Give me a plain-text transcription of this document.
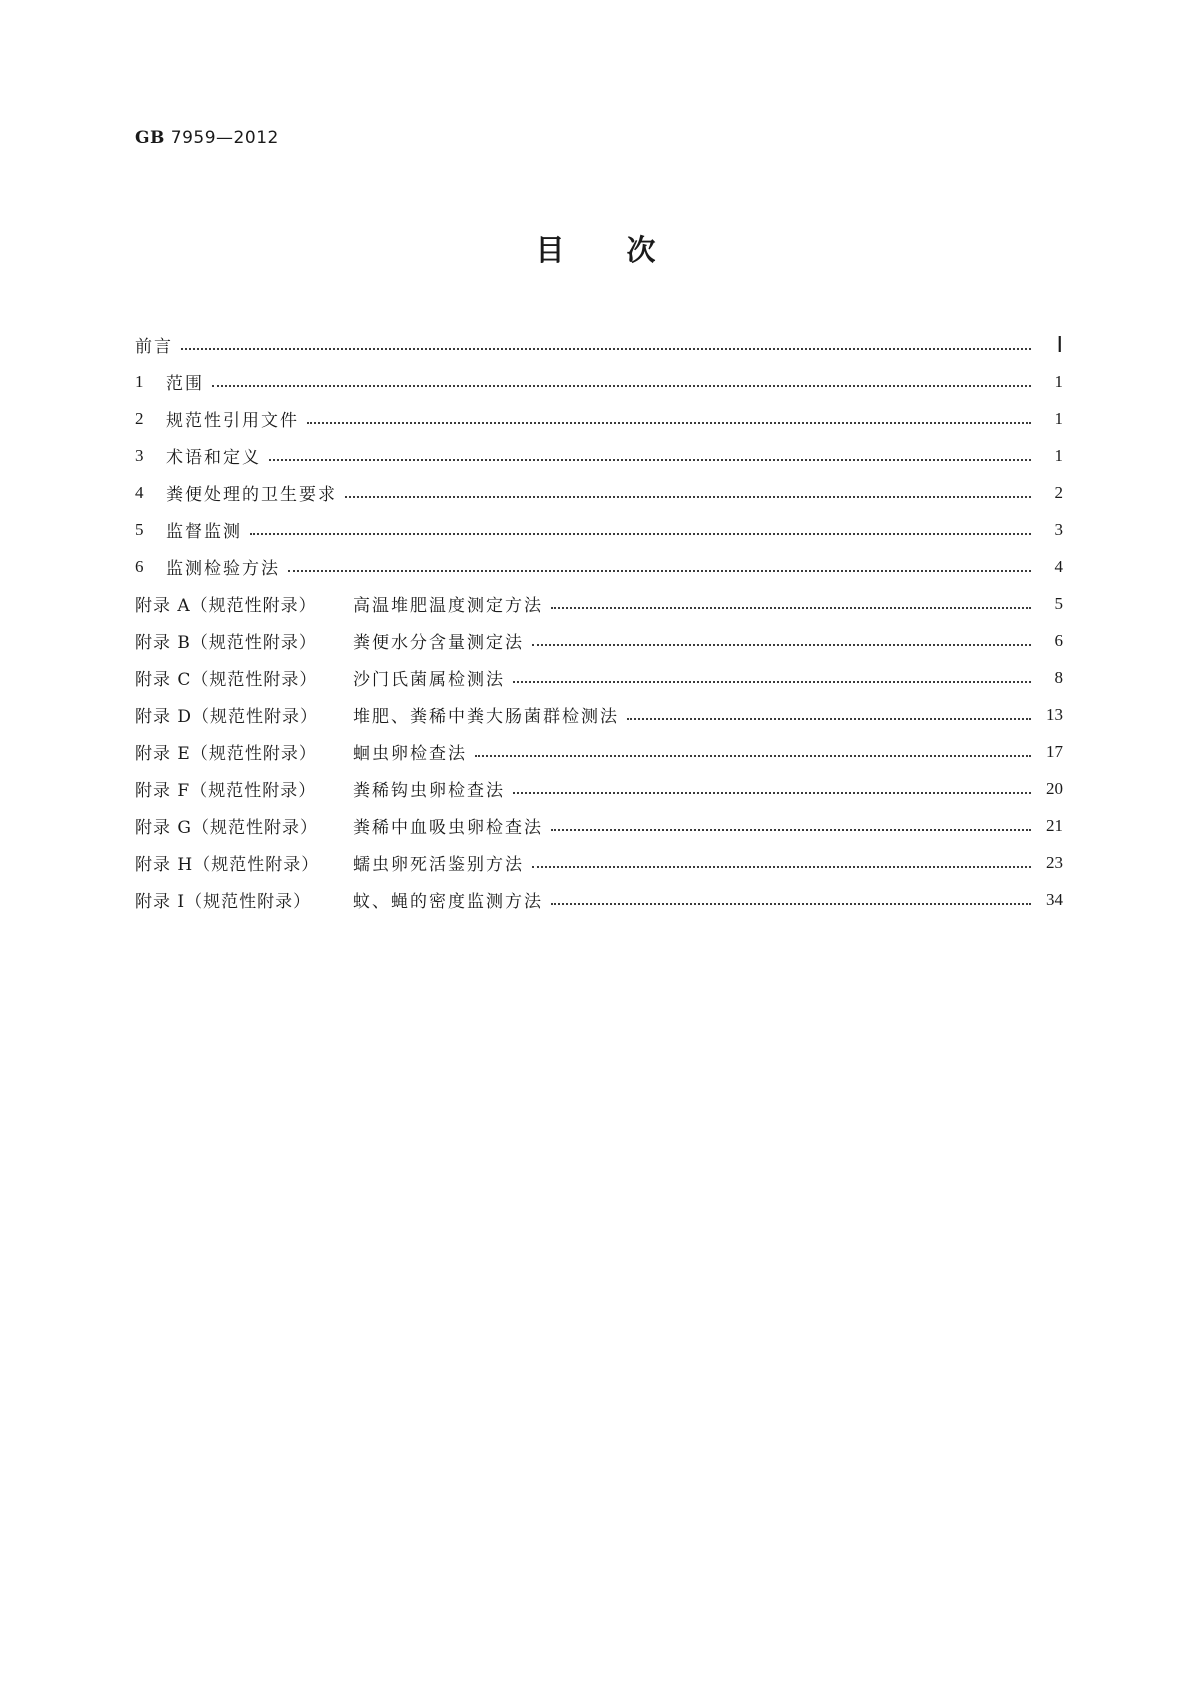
GB 7959—2012
目次
前言	Ⅰ
1	范围	1
2	规范性引用文件	1
3	术语和定义	1
4	粪便处理的卫生要求	2
5	监督监测	3
6	监测检验方法	4
附录 A（规范性附录）	高温堆肥温度测定方法	5
附录 B（规范性附录）	粪便水分含量测定法	6
附录 C（规范性附录）	沙门氏菌属检测法	8
附录 D（规范性附录）	堆肥、粪稀中粪大肠菌群检测法	13
附录 E（规范性附录）	蛔虫卵检查法	17
附录 F（规范性附录）	粪稀钩虫卵检查法	20
附录 G（规范性附录）	粪稀中血吸虫卵检查法	21
附录 H（规范性附录）	蠕虫卵死活鉴别方法	23
附录 I（规范性附录）	蚊、蝇的密度监测方法	34
